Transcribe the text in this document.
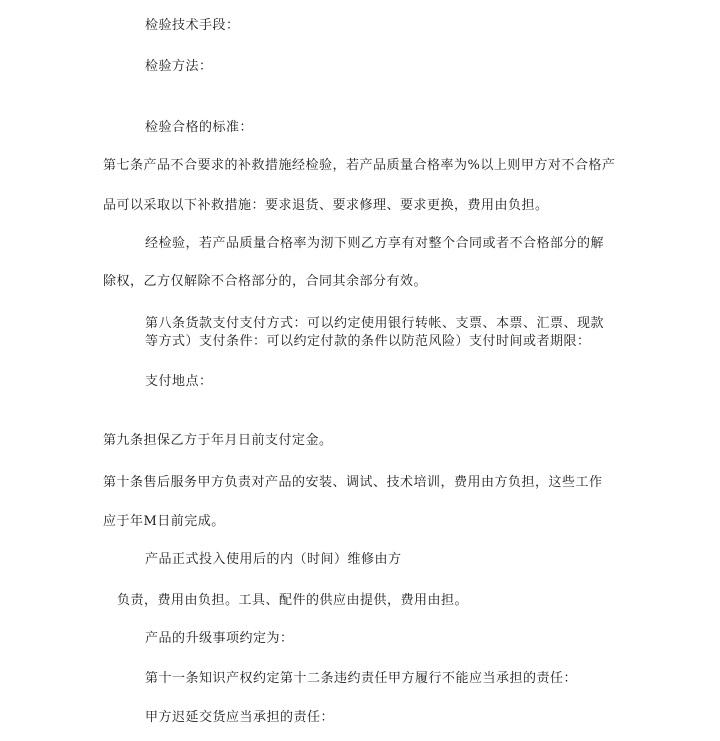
检验技术手段：
检验方法：
检验合格的标准：
第七条产品不合要求的补救措施经检验，若产品质量合格率为%以上则甲方对不合格产
品可以采取以下补救措施：要求退货、要求修理、要求更换，费用由负担。
经检验，若产品质量合格率为沏下则乙方享有对整个合同或者不合格部分的解
除权，乙方仅解除不合格部分的，合同其余部分有效。
第八条货款支付支付方式：可以约定使用银行转帐、支票、本票、汇票、现款
等方式）支付条件：可以约定付款的条件以防范风险）支付时间或者期限：
支付地点：
第九条担保乙方于年月日前支付定金。
第十条售后服务甲方负责对产品的安装、调试、技术培训，费用由方负担，这些工作
应于年M日前完成。
产品正式投入使用后的内（时间）维修由方
负责，费用由负担。工具、配件的供应由提供，费用由担。
产品的升级事项约定为：
第十一条知识产权约定第十二条违约责任甲方履行不能应当承担的责任：
甲方迟延交货应当承担的责任：
